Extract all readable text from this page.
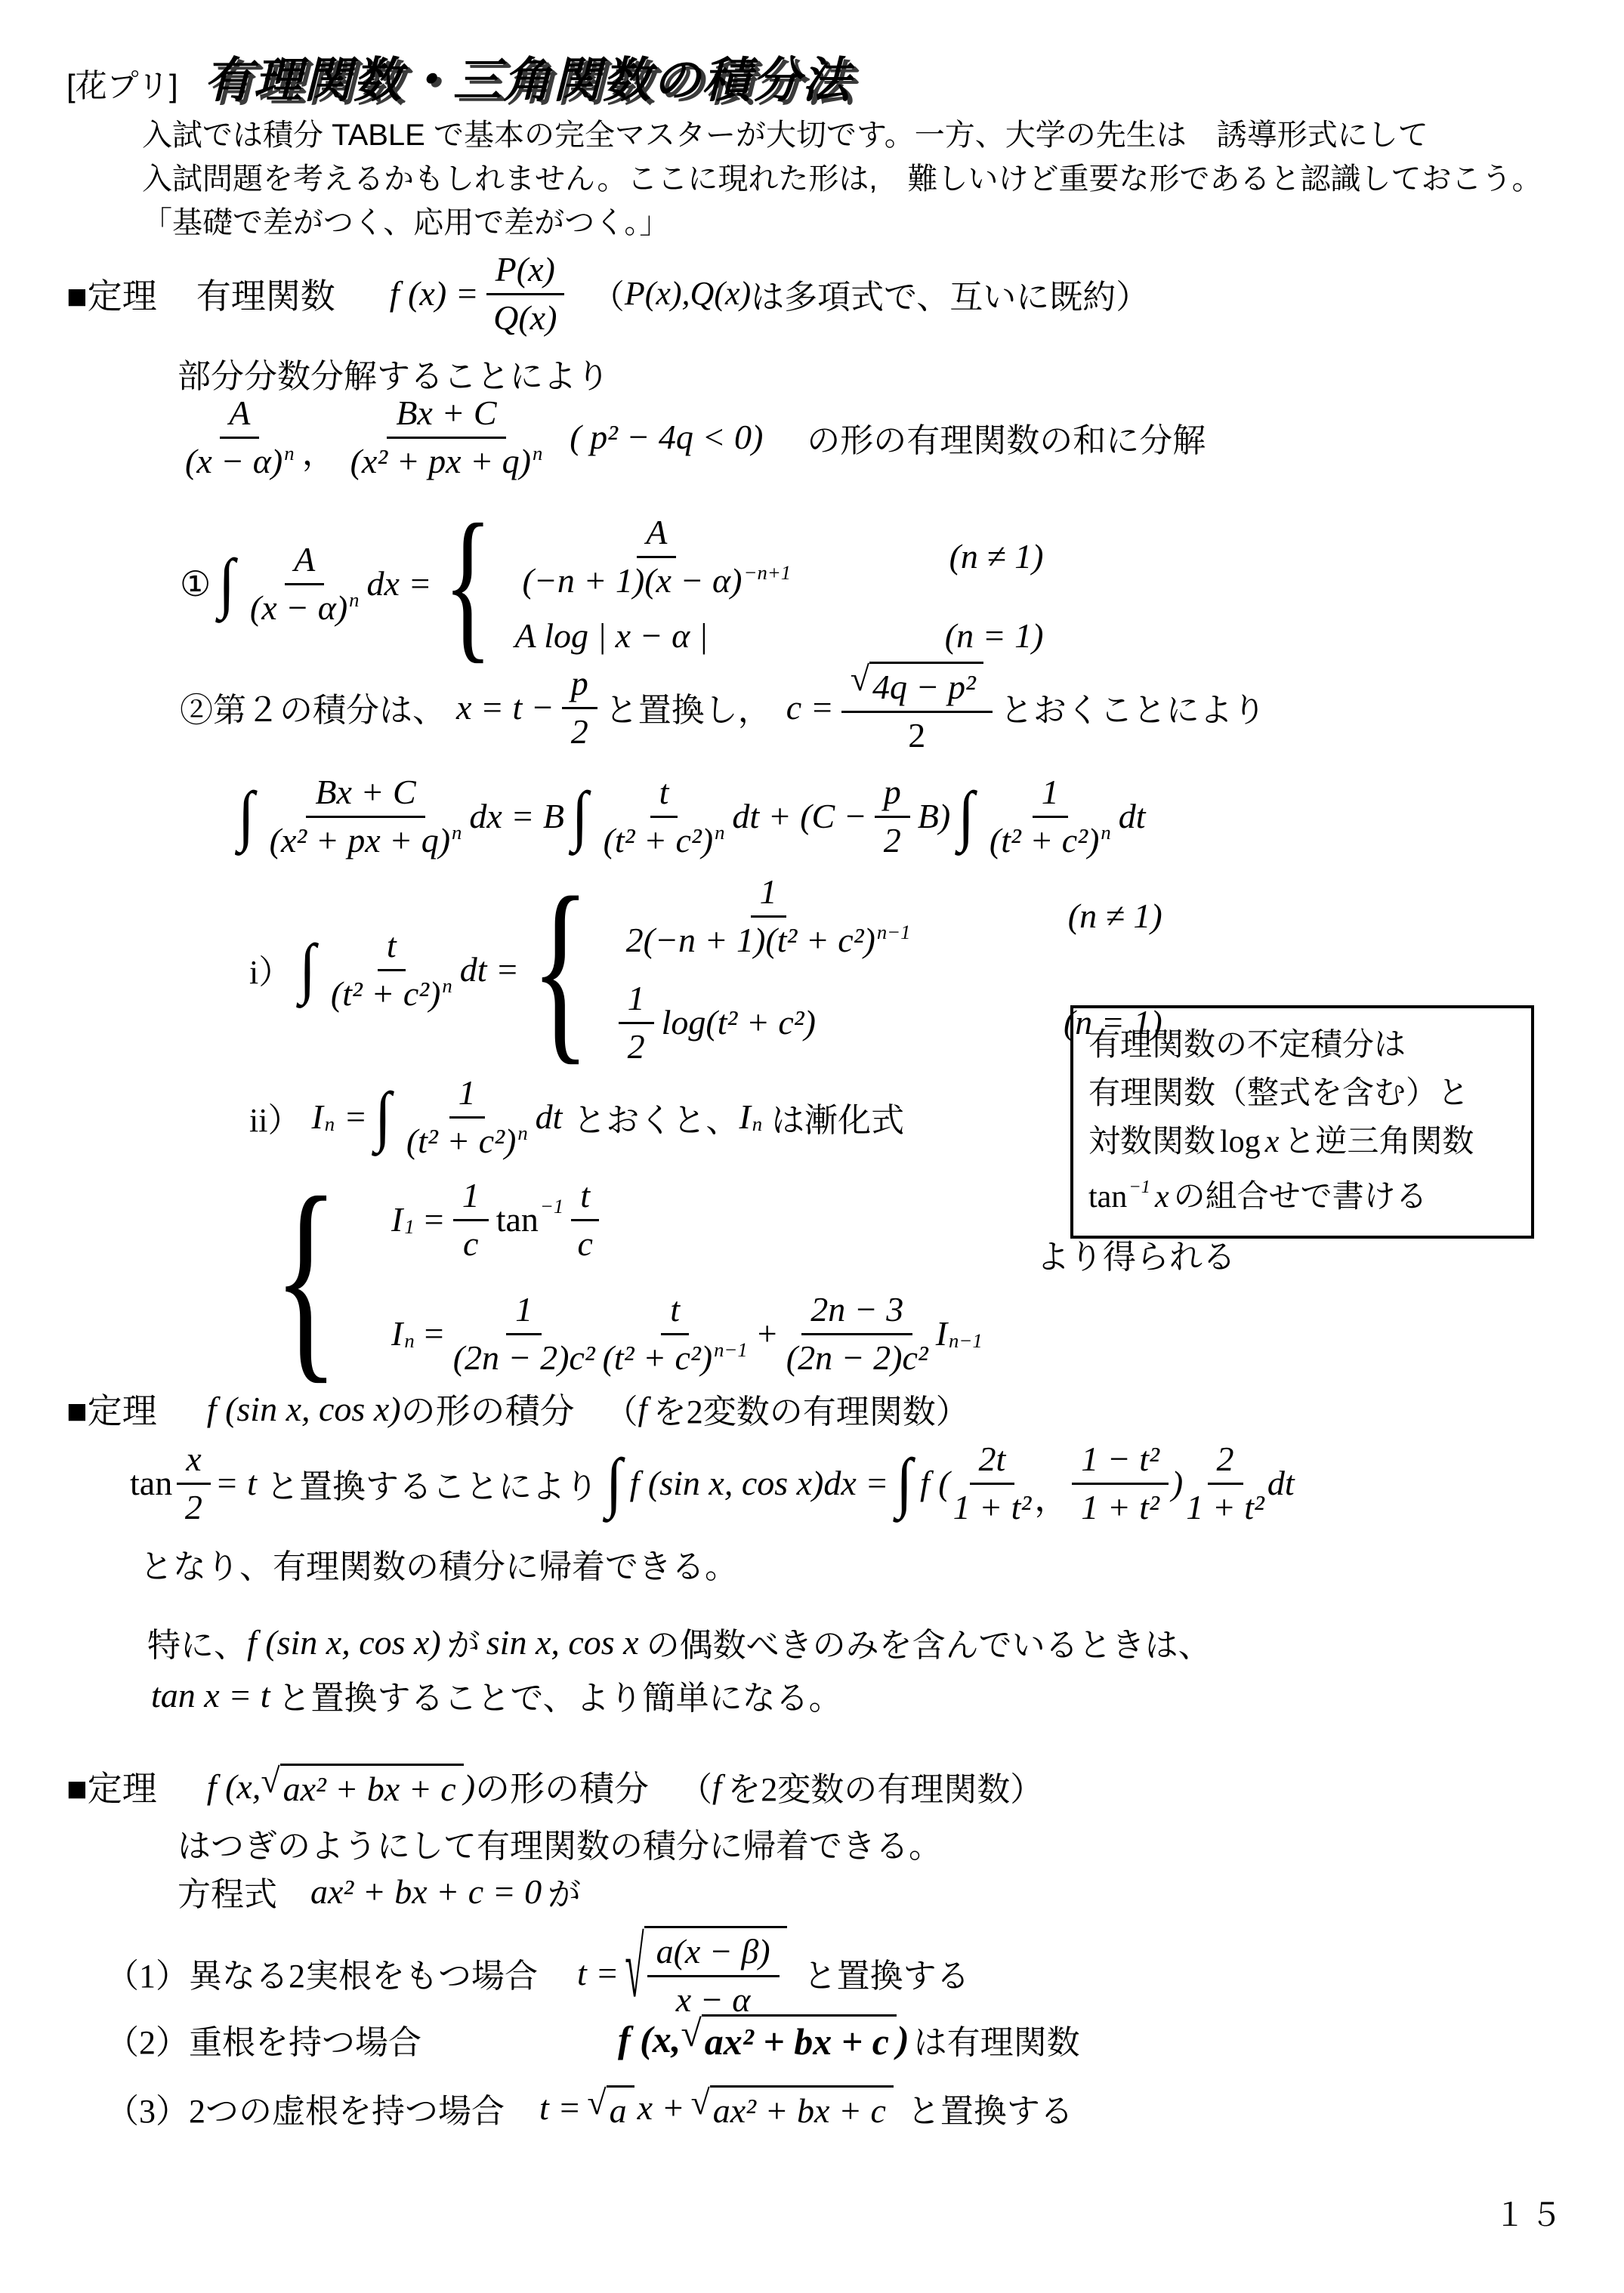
[花プリ] 有理関数・三角関数の積分法
入試では積分 TABLE で基本の完全マスターが大切です。一方、大学の先生は　誘導形式にして
入試問題を考えるかもしれません。ここに現れた形は,　難しいけど重要な形であると認識しておこう。
「基礎で差がつく、応用で差がつく。」
■定理 有理関数 f $(x) = \frac{P(x)}{Q(x)}$ （ P(x),Q(x) は多項式で、互いに既約）
部分分数分解することにより
$\frac{A}{(x - \alpha)^n}$ ， $\frac{Bx + C}{(x^2 + px + q)^n}$ ( p² − 4q < 0) の形の有理関数の和に分解
① ∫ $\frac{A}{(x - \alpha)^n}$ dx = { $\frac{A}{(-n + 1)(x - \alpha)^{-n+1}}$	(n ≠ 1)
A log | x − α |	(n = 1)
②第２の積分は、 $x = t - \frac{p}{2}$ と置換し， $c = \frac{\text{√ 4q − p²}}{2}$ とおくことにより
∫ $\frac{Bx + C}{(x^2 + px + q)^n}$ dx = B ∫ $\frac{t}{(t^2 + c^2)^n}$ dt + $(C - \frac{p}{2} B)$ ∫ $\frac{1}{(t^2 + c^2)^n}$ dt
i） ∫ $\frac{t}{(t^2 + c^2)^n}$ dt = { $\frac{1}{2(-n + 1)(t^2 + c^2)^{n-1}}$	(n ≠ 1)
$\frac{1}{2} \log(t^2 + c^2)$	(n = 1)
ii） I n = ∫ $\frac{1}{(t^2 + c^2)^n}$ dt とおくと、 I n は漸化式
{ I $1 = \frac{1}{c}$ $\tan -1 \frac{t}{c}$
I $n = \frac{1}{\text{(2n − 2)c²}} \frac{t}{(t^2 + c^2)^{n-1}} + \frac{2n - 3}{\text{(2n − 2)c²}}$ I n−1
より得られる
有理関数の不定積分は
有理関数（整式を含む）と
対数関数 log x と逆三角関数
tan −1 x の組合せで書ける
■定理 f (sin x, cos x) の形の積分 （ f を2変数の有理関数）
$\tan \frac{x}{2} = t$ と置換することにより ∫ f (sin x, cos x)dx = ∫ f ( $\frac{2t}{\text{1 + t²}}$ ， $\frac{\text{1 − t²}}{\text{1 + t²}}$ ) $\frac{2}{\text{1 + t²}}$ dt
となり、有理関数の積分に帰着できる。
特に、 f (sin x, cos x) が sin x, cos x の偶数べきのみを含んでいるときは、
tan x = t と置換することで、より簡単になる。
■定理 f (x, √ ax² + bx + c ) の形の積分 （ f を2変数の有理関数）
はつぎのようにして有理関数の積分に帰着できる。
方程式 ax² + bx + c = 0 が
（1）異なる2実根をもつ場合 t = √ $\frac{a(x - \beta)}{x - \alpha}$ と置換する
（2）重根を持つ場合	f (x, √ ax² + bx + c ) は有理関数
（3）2つの虚根を持つ場合 t = √ a x + √ ax² + bx + c と置換する
１５
